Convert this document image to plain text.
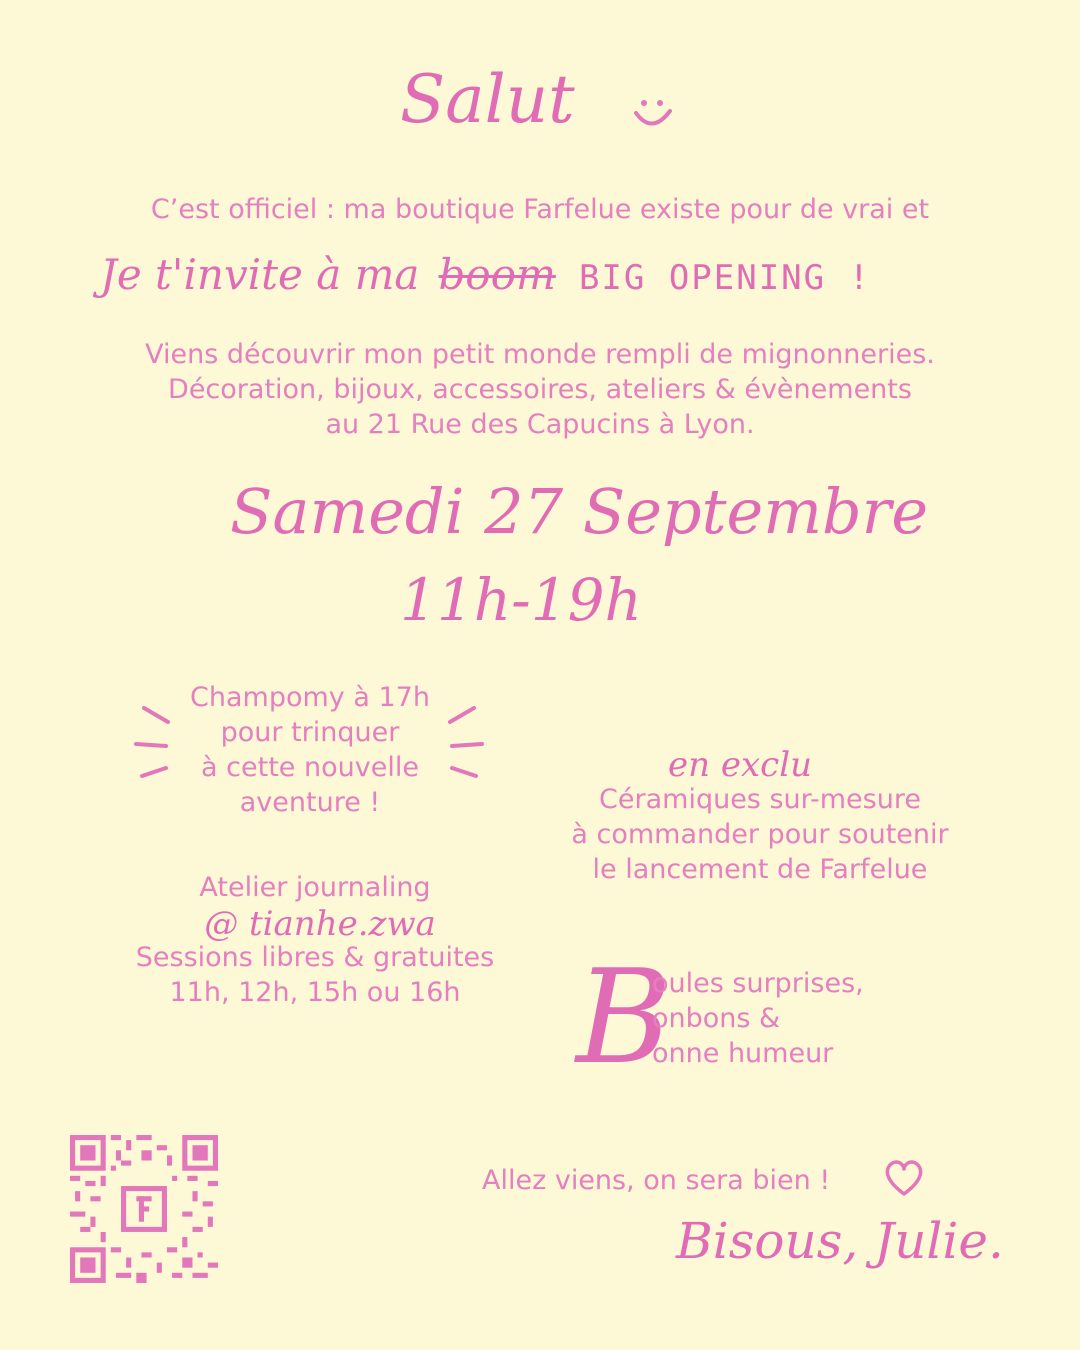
Salut
C’est officiel : ma boutique Farfelue existe pour de vrai et
Je t'invite à ma boom BIG OPENING !
Viens découvrir mon petit monde rempli de mignonneries.
Décoration, bijoux, accessoires, ateliers & évènements
au 21 Rue des Capucins à Lyon.
Samedi 27 Septembre
11h-19h
Champomy à 17h
pour trinquer
à cette nouvelle
aventure !
en exclu
Céramiques sur-mesure
à commander pour soutenir
le lancement de Farfelue
Atelier journaling
@ tianhe.zwa
Sessions libres & gratuites
11h, 12h, 15h ou 16h B
oules surprises,
onbons &
onne humeur
Allez viens, on sera bien !
Bisous, Julie.
